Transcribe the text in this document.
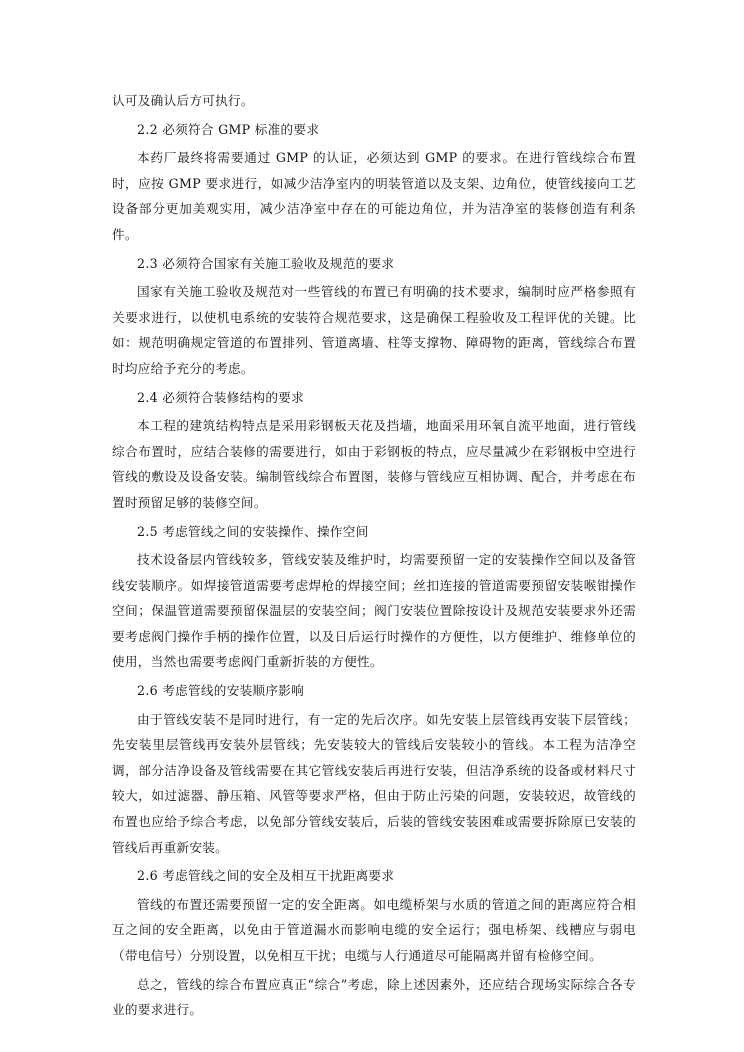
认可及确认后方可执行。

2.2 必须符合 GMP 标准的要求

本药厂最终将需要通过 GMP 的认证，必须达到 GMP 的要求。在进行管线综合布置时，应按 GMP 要求进行，如减少洁净室内的明装管道以及支架、边角位，使管线接向工艺设备部分更加美观实用，减少洁净室中存在的可能边角位，并为洁净室的装修创造有利条件。

2.3 必须符合国家有关施工验收及规范的要求

国家有关施工验收及规范对一些管线的布置已有明确的技术要求，编制时应严格参照有关要求进行，以使机电系统的安装符合规范要求，这是确保工程验收及工程评优的关键。比如：规范明确规定管道的布置排列、管道离墙、柱等支撑物、障碍物的距离，管线综合布置时均应给予充分的考虑。

2.4 必须符合装修结构的要求

本工程的建筑结构特点是采用彩钢板天花及挡墙，地面采用环氧自流平地面，进行管线综合布置时，应结合装修的需要进行，如由于彩钢板的特点，应尽量减少在彩钢板中空进行管线的敷设及设备安装。编制管线综合布置图，装修与管线应互相协调、配合，并考虑在布置时预留足够的装修空间。

2.5 考虑管线之间的安装操作、操作空间

技术设备层内管线较多，管线安装及维护时，均需要预留一定的安装操作空间以及备管线安装顺序。如焊接管道需要考虑焊枪的焊接空间；丝扣连接的管道需要预留安装喉钳操作空间；保温管道需要预留保温层的安装空间；阀门安装位置除按设计及规范安装要求外还需要考虑阀门操作手柄的操作位置，以及日后运行时操作的方便性，以方便维护、维修单位的使用，当然也需要考虑阀门重新折装的方便性。

2.6 考虑管线的安装顺序影响

由于管线安装不是同时进行，有一定的先后次序。如先安装上层管线再安装下层管线；先安装里层管线再安装外层管线；先安装较大的管线后安装较小的管线。本工程为洁净空调，部分洁净设备及管线需要在其它管线安装后再进行安装，但洁净系统的设备或材料尺寸较大，如过滤器、静压箱、风管等要求严格，但由于防止污染的问题，安装较迟，故管线的布置也应给予综合考虑，以免部分管线安装后，后装的管线安装困难或需要拆除原已安装的管线后再重新安装。

2.6 考虑管线之间的安全及相互干扰距离要求

管线的布置还需要预留一定的安全距离。如电缆桥架与水质的管道之间的距离应符合相互之间的安全距离，以免由于管道漏水而影响电缆的安全运行；强电桥架、线槽应与弱电（带电信号）分别设置，以免相互干扰；电缆与人行通道尽可能隔离并留有检修空间。

总之，管线的综合布置应真正“综合”考虑，除上述因素外，还应结合现场实际综合各专业的要求进行。
